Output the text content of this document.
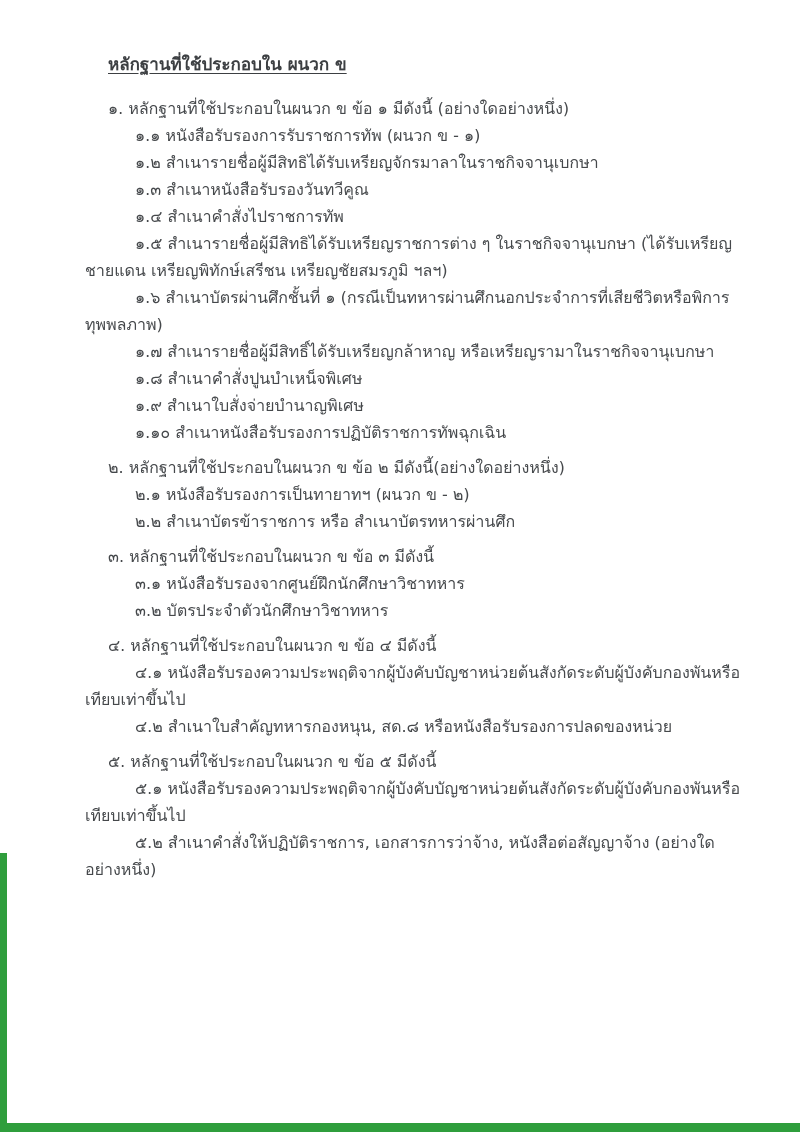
หลักฐานที่ใช้ประกอบใน ผนวก ข

๑. หลักฐานที่ใช้ประกอบในผนวก ข ข้อ ๑ มีดังนี้ (อย่างใดอย่างหนึ่ง)

๑.๑ หนังสือรับรองการรับราชการทัพ (ผนวก ข - ๑)

๑.๒ สำเนารายชื่อผู้มีสิทธิได้รับเหรียญจักรมาลาในราชกิจจานุเบกษา

๑.๓ สำเนาหนังสือรับรองวันทวีคูณ

๑.๔ สำเนาคำสั่งไปราชการทัพ

๑.๕ สำเนารายชื่อผู้มีสิทธิได้รับเหรียญราชการต่าง ๆ ในราชกิจจานุเบกษา (ได้รับเหรียญชายแดน เหรียญพิทักษ์เสรีชน เหรียญชัยสมรภูมิ ฯลฯ)

๑.๖ สำเนาบัตรผ่านศึกชั้นที่ ๑ (กรณีเป็นทหารผ่านศึกนอกประจำการที่เสียชีวิตหรือพิการทุพพลภาพ)

๑.๗ สำเนารายชื่อผู้มีสิทธิ์ได้รับเหรียญกล้าหาญ หรือเหรียญรามาในราชกิจจานุเบกษา

๑.๘ สำเนาคำสั่งปูนบำเหน็จพิเศษ

๑.๙ สำเนาใบสั่งจ่ายบำนาญพิเศษ

๑.๑๐ สำเนาหนังสือรับรองการปฏิบัติราชการทัพฉุกเฉิน

๒. หลักฐานที่ใช้ประกอบในผนวก ข ข้อ ๒ มีดังนี้(อย่างใดอย่างหนึ่ง)

๒.๑ หนังสือรับรองการเป็นทายาทฯ (ผนวก ข - ๒)

๒.๒ สำเนาบัตรข้าราชการ หรือ สำเนาบัตรทหารผ่านศึก

๓. หลักฐานที่ใช้ประกอบในผนวก ข ข้อ ๓ มีดังนี้

๓.๑ หนังสือรับรองจากศูนย์ฝึกนักศึกษาวิชาทหาร

๓.๒ บัตรประจำตัวนักศึกษาวิชาทหาร

๔. หลักฐานที่ใช้ประกอบในผนวก ข ข้อ ๔ มีดังนี้

๔.๑ หนังสือรับรองความประพฤติจากผู้บังคับบัญชาหน่วยต้นสังกัดระดับผู้บังคับกองพันหรือเทียบเท่าขึ้นไป

๔.๒ สำเนาใบสำคัญทหารกองหนุน, สด.๘ หรือหนังสือรับรองการปลดของหน่วย

๕. หลักฐานที่ใช้ประกอบในผนวก ข ข้อ ๕ มีดังนี้

๕.๑ หนังสือรับรองความประพฤติจากผู้บังคับบัญชาหน่วยต้นสังกัดระดับผู้บังคับกองพันหรือเทียบเท่าขึ้นไป

๕.๒ สำเนาคำสั่งให้ปฏิบัติราชการ, เอกสารการว่าจ้าง, หนังสือต่อสัญญาจ้าง (อย่างใดอย่างหนึ่ง)
